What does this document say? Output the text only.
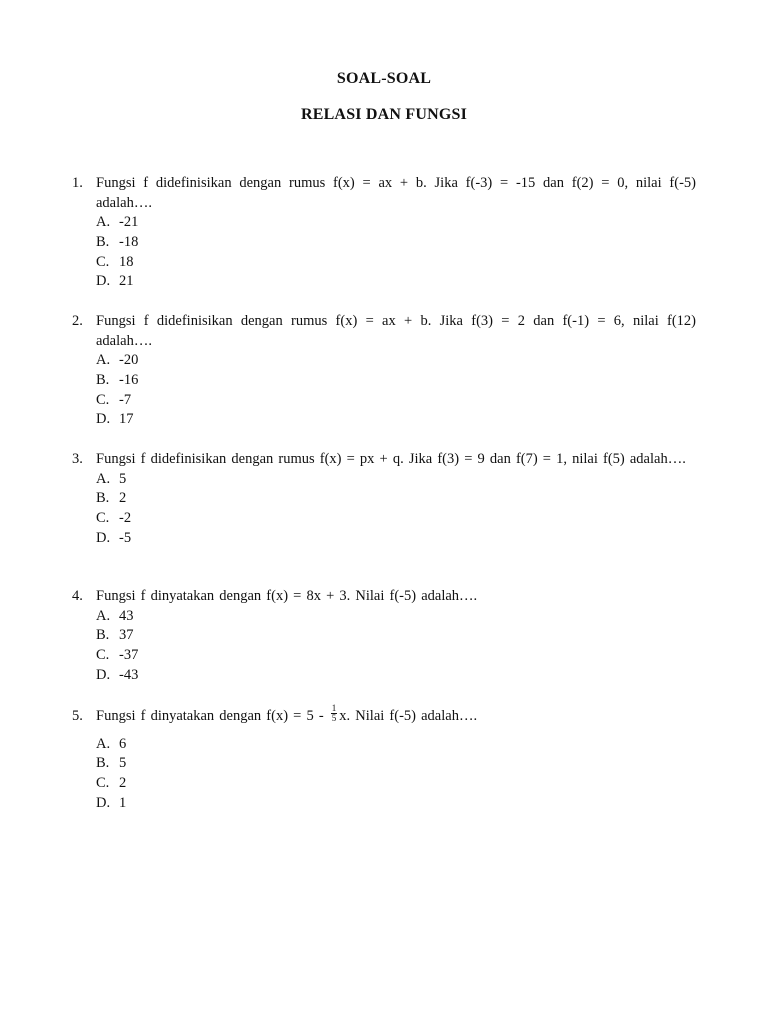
SOAL-SOAL
RELASI DAN FUNGSI
1. Fungsi f didefinisikan dengan rumus f(x) = ax + b. Jika f(-3) = -15 dan f(2) = 0, nilai f(-5) adalah….
A. -21
B. -18
C. 18
D. 21
2. Fungsi f didefinisikan dengan rumus f(x) = ax + b. Jika f(3) = 2 dan f(-1) = 6, nilai f(12) adalah….
A. -20
B. -16
C. -7
D. 17
3. Fungsi f didefinisikan dengan rumus f(x) = px + q. Jika f(3) = 9 dan f(7) = 1, nilai f(5) adalah….
A. 5
B. 2
C. -2
D. -5
4. Fungsi f dinyatakan dengan f(x) = 8x + 3. Nilai f(-5) adalah….
A. 43
B. 37
C. -37
D. -43
5. Fungsi f dinyatakan dengan $f(x) = 5 - \frac{1}{5} x$. Nilai f(-5) adalah….
A. 6
B. 5
C. 2
D. 1
